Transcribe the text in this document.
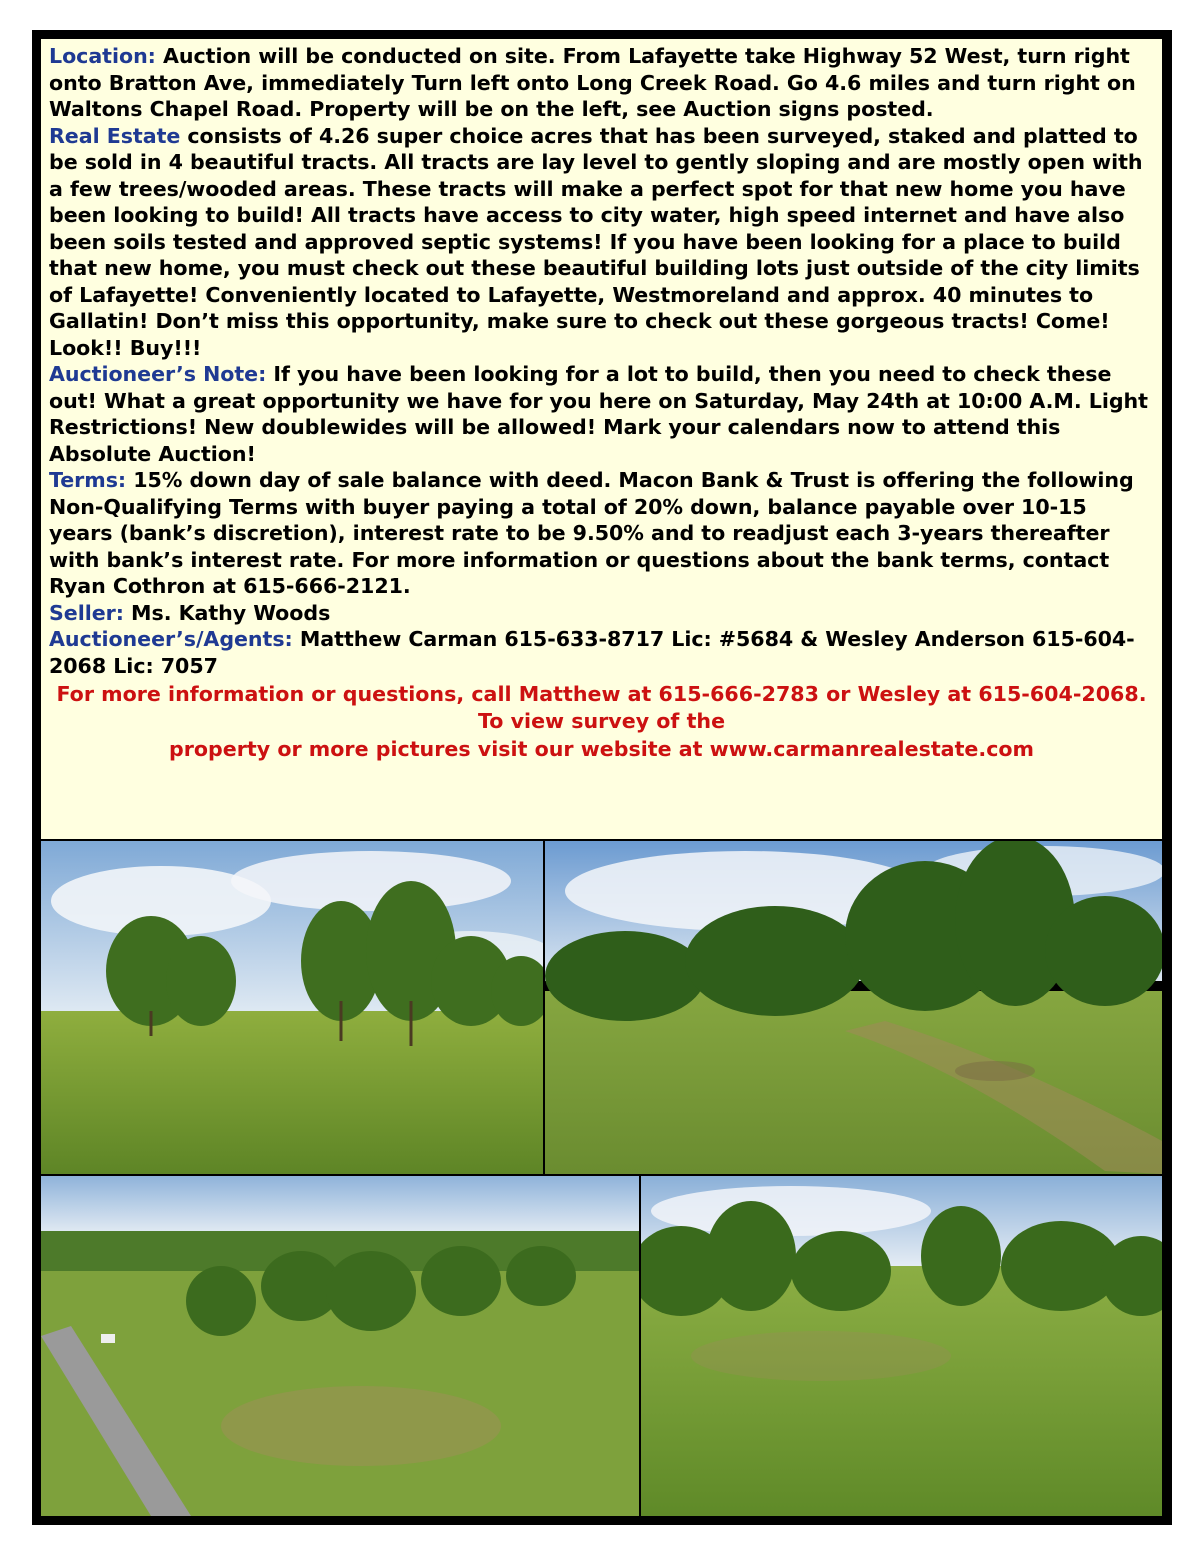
Location: Auction will be conducted on site. From Lafayette take Highway 52 West, turn right onto Bratton Ave, immediately Turn left onto Long Creek Road. Go 4.6 miles and turn right on Waltons Chapel Road. Property will be on the left, see Auction signs posted.

Real Estate consists of 4.26 super choice acres that has been surveyed, staked and platted to be sold in 4 beautiful tracts. All tracts are lay level to gently sloping and are mostly open with a few trees/wooded areas. These tracts will make a perfect spot for that new home you have been looking to build! All tracts have access to city water, high speed internet and have also been soils tested and approved septic systems! If you have been looking for a place to build that new home, you must check out these beautiful building lots just outside of the city limits of Lafayette! Conveniently located to Lafayette, Westmoreland and approx. 40 minutes to Gallatin! Don’t miss this opportunity, make sure to check out these gorgeous tracts! Come! Look!! Buy!!!

Auctioneer’s Note: If you have been looking for a lot to build, then you need to check these out! What a great opportunity we have for you here on Saturday, May 24th at 10:00 A.M. Light Restrictions! New doublewides will be allowed! Mark your calendars now to attend this Absolute Auction!

Terms: 15% down day of sale balance with deed. Macon Bank & Trust is offering the following Non-Qualifying Terms with buyer paying a total of 20% down, balance payable over 10-15 years (bank’s discretion), interest rate to be 9.50% and to readjust each 3-years thereafter with bank’s interest rate. For more information or questions about the bank terms, contact Ryan Cothron at 615-666-2121.

Seller: Ms. Kathy Woods

Auctioneer’s/Agents: Matthew Carman 615-633-8717 Lic: #5684 & Wesley Anderson 615-604-2068 Lic: 7057

For more information or questions, call Matthew at 615-666-2783 or Wesley at 615-604-2068. To view survey of the

property or more pictures visit our website at www.carmanrealestate.com
